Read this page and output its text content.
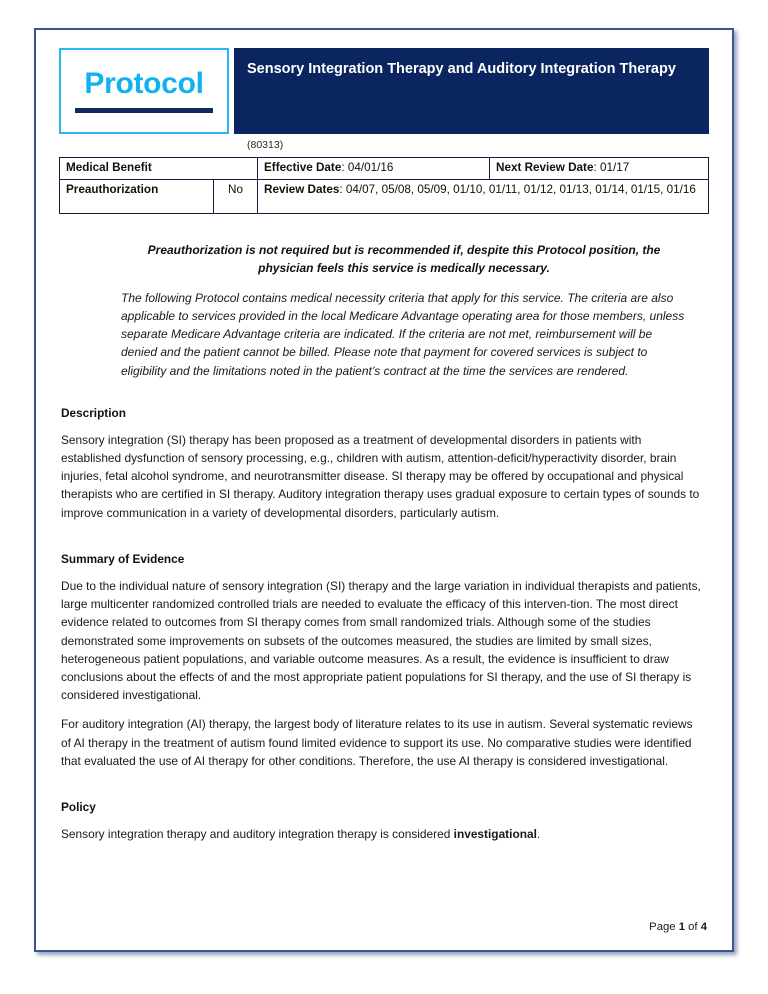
Protocol	Sensory Integration Therapy and Auditory Integration Therapy
(80313)
Medical Benefit		Effective Date: 04/01/16	Next Review Date: 01/17
Preauthorization	No	Review Dates: 04/07, 05/08, 05/09, 01/10, 01/11, 01/12, 01/13, 01/14, 01/15, 01/16	
Preauthorization is not required but is recommended if, despite this Protocol position, the physician feels this service is medically necessary.
The following Protocol contains medical necessity criteria that apply for this service. The criteria are also applicable to services provided in the local Medicare Advantage operating area for those members, unless separate Medicare Advantage criteria are indicated. If the criteria are not met, reimbursement will be denied and the patient cannot be billed. Please note that payment for covered services is subject to eligibility and the limitations noted in the patient’s contract at the time the services are rendered.
Description

Sensory integration (SI) therapy has been proposed as a treatment of developmental disorders in patients with established dysfunction of sensory processing, e.g., children with autism, attention-deficit/hyperactivity disorder, brain injuries, fetal alcohol syndrome, and neurotransmitter disease. SI therapy may be offered by occupational and physical therapists who are certified in SI therapy. Auditory integration therapy uses gradual exposure to certain types of sounds to improve communication in a variety of developmental disorders, particularly autism.

Summary of Evidence

Due to the individual nature of sensory integration (SI) therapy and the large variation in individual therapists and patients, large multicenter randomized controlled trials are needed to evaluate the efficacy of this interven-tion. The most direct evidence related to outcomes from SI therapy comes from small randomized trials. Although some of the studies demonstrated some improvements on subsets of the outcomes measured, the studies are limited by small sizes, heterogeneous patient populations, and variable outcome measures. As a result, the evidence is insufficient to draw conclusions about the effects of and the most appropriate patient populations for SI therapy, and the use of SI therapy is considered investigational.

For auditory integration (AI) therapy, the largest body of literature relates to its use in autism. Several systematic reviews of AI therapy in the treatment of autism found limited evidence to support its use. No comparative studies were identified that evaluated the use of AI therapy for other conditions. Therefore, the use AI therapy is considered investigational.

Policy

Sensory integration therapy and auditory integration therapy is considered investigational.

Page 1 of 4
